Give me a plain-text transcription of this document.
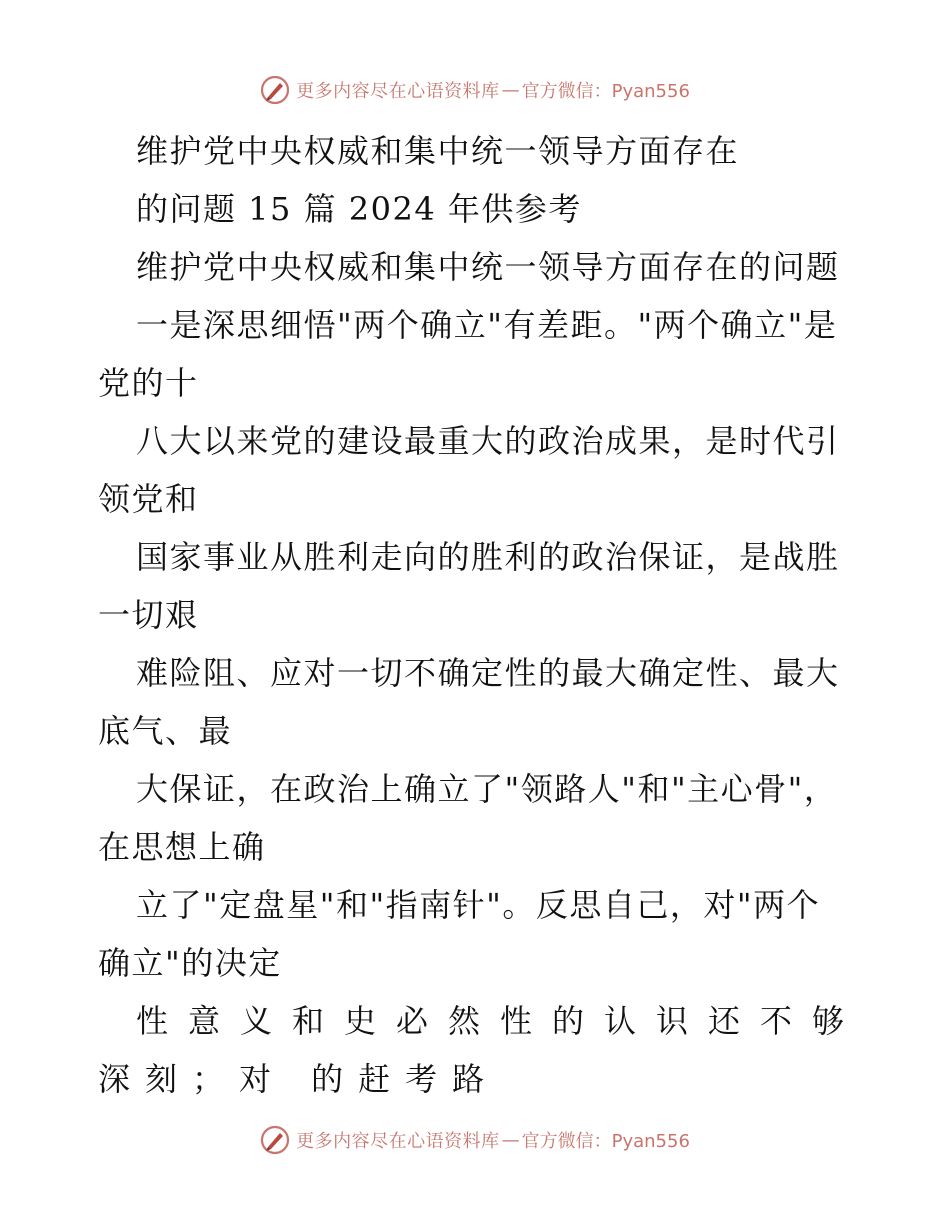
更多内容尽在心语资料库 — 官方微信：Pyan556
维护党中央权威和集中统一领导方面存在
的问题 15 篇 2024 年供参考
维护党中央权威和集中统一领导方面存在的问题
一是深思细悟"两个确立"有差距。"两个确立"是
党的十
八大以来党的建设最重大的政治成果，是时代引
领党和
国家事业从胜利走向的胜利的政治保证，是战胜
一切艰
难险阻、应对一切不确定性的最大确定性、最大
底气、最
大保证，在政治上确立了"领路人"和"主心骨"，
在思想上确
立了"定盘星"和"指南针"。反思自己，对"两个
确立"的决定
性意义和史必然性的认识还不够
深刻；对 的赶考路
更多内容尽在心语资料库 — 官方微信：Pyan556
